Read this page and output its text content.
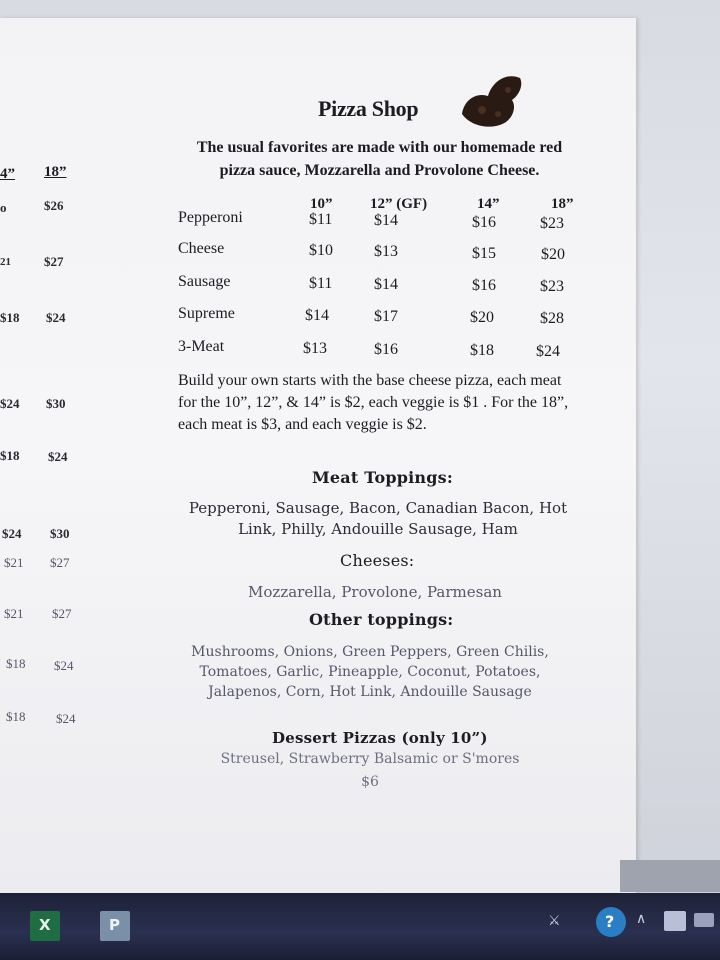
4” 18”
o	$26
21	$27
$18 $24
$24 $30
$18 $24
$24 $30
$21 $27
$21 $27
$18 $24
$18 $24
Pizza Shop
The usual favorites are made with our homemade red pizza sauce, Mozzarella and Provolone Cheese.
10”	12” (GF)	14”	18”
Pepperoni	$11	$14	$16	$23
Cheese	$10	$13	$15	$20
Sausage	$11	$14	$16	$23
Supreme	$14	$17	$20	$28
3-Meat	$13	$16	$18	$24
Build your own starts with the base cheese pizza, each meat for the 10”, 12”, & 14” is $2, each veggie is $1 . For the 18”, each meat is $3, and each veggie is $2.
Meat Toppings:
Pepperoni, Sausage, Bacon, Canadian Bacon, Hot Link, Philly, Andouille Sausage, Ham
Cheeses:
Mozzarella, Provolone, Parmesan
Other toppings:
Mushrooms, Onions, Green Peppers, Green Chilis, Tomatoes, Garlic, Pineapple, Coconut, Potatoes, Jalapenos, Corn, Hot Link, Andouille Sausage
Dessert Pizzas (only 10”)
Streusel, Strawberry Balsamic or S'mores
$6
X	P	⚔	? ∧
